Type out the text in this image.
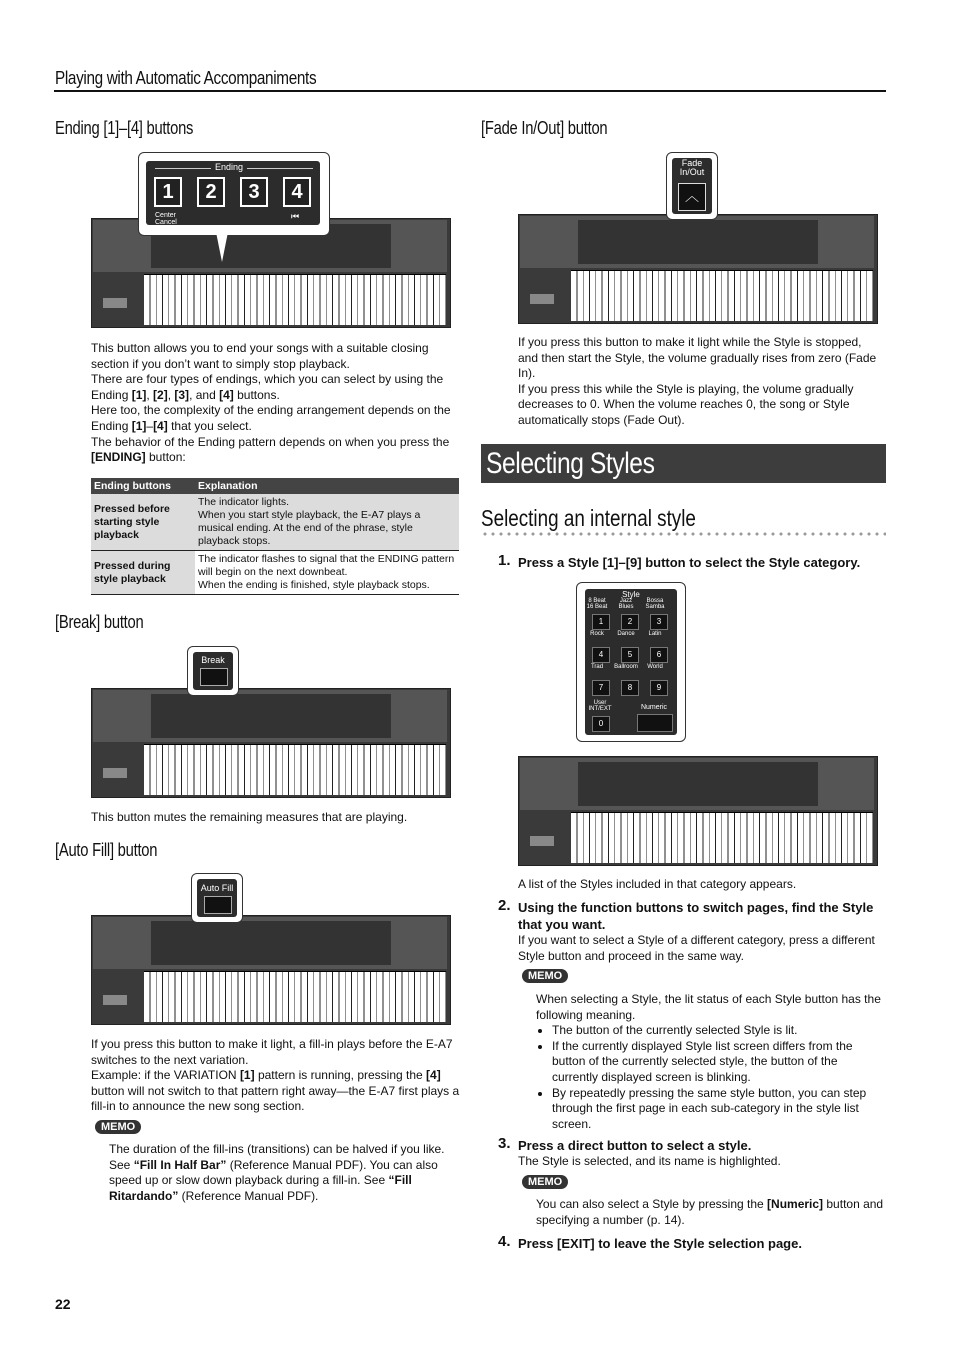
Playing with Automatic Accompaniments
Ending [1]–[4] buttons
Ending
1	2	3	4
Center
Cancel
⏮
This button allows you to end your songs with a suitable closing section if you don’t want to simply stop playback.
There are four types of endings, which you can select by using the Ending [1], [2], [3], and [4] buttons.
Here too, the complexity of the ending arrangement depends on the Ending [1]–[4] that you select.
The behavior of the Ending pattern depends on when you press the [ENDING] button:
Ending buttons	Explanation
Pressed before starting style playback	The indicator lights.
When you start style playback, the E-A7 plays a musical ending. At the end of the phrase, style playback stops.
Pressed during style playback	The indicator flashes to signal that the ENDING pattern will begin on the next downbeat.
When the ending is finished, style playback stops.
[Break] button
Break
This button mutes the remaining measures that are playing.
[Auto Fill] button
Auto Fill
If you press this button to make it light, a fill-in plays before the E-A7 switches to the next variation.
Example: if the VARIATION [1] pattern is running, pressing the [4] button will not switch to that pattern right away—the E-A7 first plays a fill-in to announce the new song section.
MEMO
The duration of the fill-ins (transitions) can be halved if you like.
See “Fill In Half Bar” (Reference Manual PDF). You can also speed up or slow down playback during a fill-in. See “Fill Ritardando” (Reference Manual PDF).
22
[Fade In/Out] button
Fade
In/Out
︿
If you press this button to make it light while the Style is stopped, and then start the Style, the volume gradually rises from zero (Fade In).
If you press this while the Style is playing, the volume gradually decreases to 0. When the volume reaches 0, the song or Style automatically stops (Fade Out).
Selecting Styles
Selecting an internal style
1. Press a Style [1]–[9] button to select the Style category.
Style
8 Beat
16 Beat
1
Jazz
Blues
2
Bossa
Samba
3
Rock
4
Dance
5
Latin
6
Trad
7
Ballroom
8
World
9
User
INT/EXT
0
Numeric
A list of the Styles included in that category appears.
2. Using the function buttons to switch pages, find the Style that you want.
If you want to select a Style of a different category, press a different Style button and proceed in the same way.
MEMO
When selecting a Style, the lit status of each Style button has the following meaning.
• The button of the currently selected Style is lit.
• If the currently displayed Style list screen differs from the button of the currently selected style, the button of the currently displayed screen is blinking.
• By repeatedly pressing the same style button, you can step through the first page in each sub-category in the style list screen.
3. Press a direct button to select a style.
The Style is selected, and its name is highlighted.
MEMO
You can also select a Style by pressing the [Numeric] button and specifying a number (p. 14).
4. Press [EXIT] to leave the Style selection page.
